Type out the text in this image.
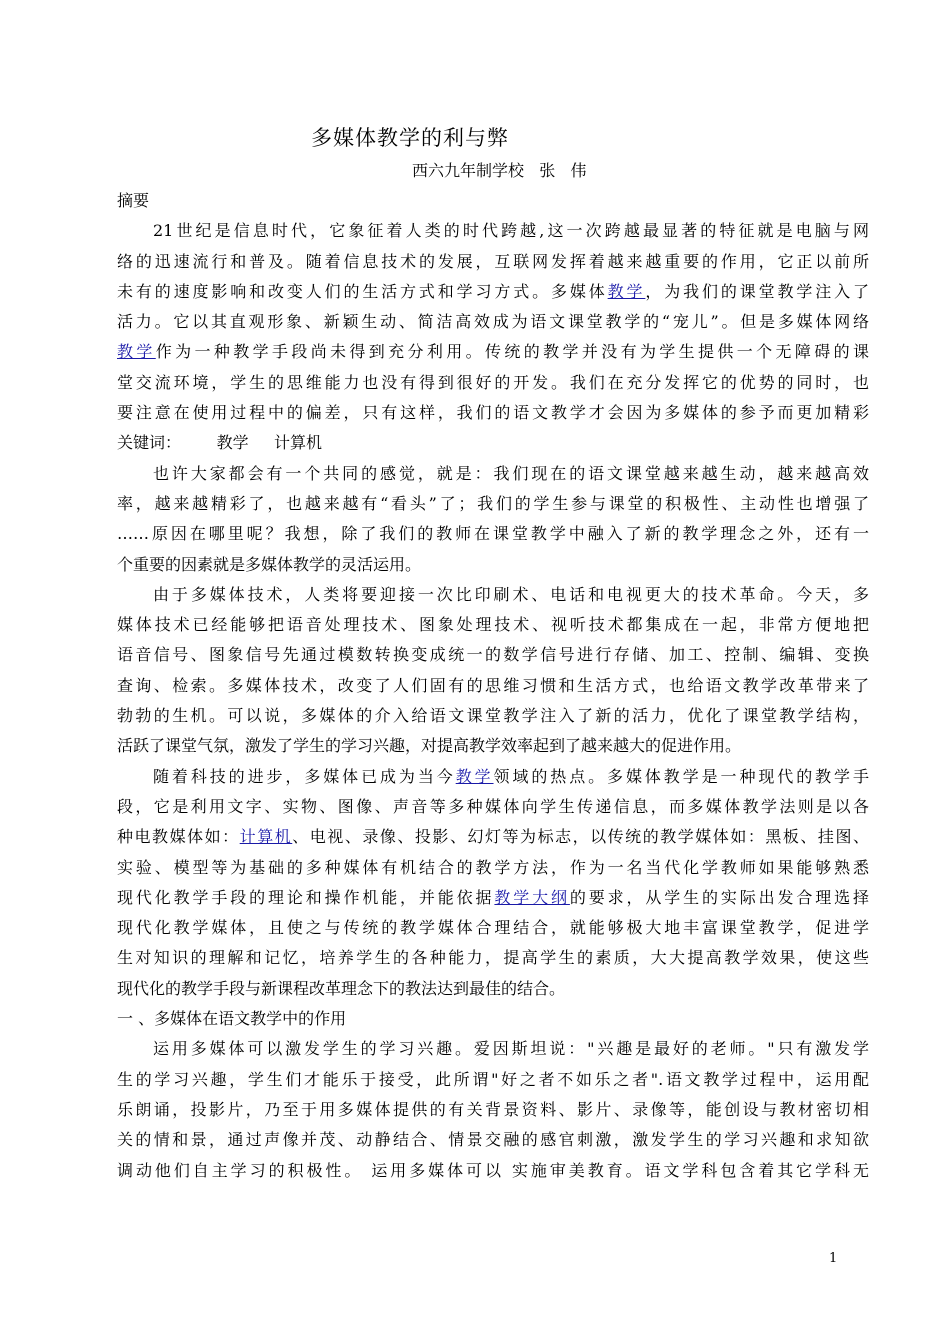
多媒体教学的利与弊
西六九年制学校   张   伟
摘要
21世纪是信息时代，它象征着人类的时代跨越,这一次跨越最显著的特征就是电脑与网
络的迅速流行和普及。随着信息技术的发展，互联网发挥着越来越重要的作用，它正以前所
未有的速度影响和改变人们的生活方式和学习方式。多媒体教学，为我们的课堂教学注入了
活力。它以其直观形象、新颖生动、简洁高效成为语文课堂教学的“宠儿”。但是多媒体网络
教学作为一种教学手段尚未得到充分利用。传统的教学并没有为学生提供一个无障碍的课
堂交流环境，学生的思维能力也没有得到很好的开发。我们在充分发挥它的优势的同时，也
要注意在使用过程中的偏差，只有这样，我们的语文教学才会因为多媒体的参予而更加精彩
关键词：       教学     计算机
也许大家都会有一个共同的感觉，就是：我们现在的语文课堂越来越生动，越来越高效
率，越来越精彩了，也越来越有“看头”了；我们的学生参与课堂的积极性、主动性也增强了
……原因在哪里呢？我想，除了我们的教师在课堂教学中融入了新的教学理念之外，还有一
个重要的因素就是多媒体教学的灵活运用。
由于多媒体技术，人类将要迎接一次比印刷术、电话和电视更大的技术革命。今天，多
媒体技术已经能够把语音处理技术、图象处理技术、视听技术都集成在一起，非常方便地把
语音信号、图象信号先通过模数转换变成统一的数学信号进行存储、加工、控制、编辑、变换
查询、检索。多媒体技术，改变了人们固有的思维习惯和生活方式，也给语文教学改革带来了
勃勃的生机。可以说，多媒体的介入给语文课堂教学注入了新的活力，优化了课堂教学结构，
活跃了课堂气氛，激发了学生的学习兴趣，对提高教学效率起到了越来越大的促进作用。
随着科技的进步，多媒体已成为当今教学领域的热点。多媒体教学是一种现代的教学手
段，它是利用文字、实物、图像、声音等多种媒体向学生传递信息，而多媒体教学法则是以各
种电教媒体如：计算机、电视、录像、投影、幻灯等为标志，以传统的教学媒体如：黑板、挂图、
实验、模型等为基础的多种媒体有机结合的教学方法，作为一名当代化学教师如果能够熟悉
现代化教学手段的理论和操作机能，并能依据教学大纲的要求，从学生的实际出发合理选择
现代化教学媒体，且使之与传统的教学媒体合理结合，就能够极大地丰富课堂教学，促进学
生对知识的理解和记忆，培养学生的各种能力，提高学生的素质，大大提高教学效果，使这些
现代化的教学手段与新课程改革理念下的教法达到最佳的结合。
一 、多媒体在语文教学中的作用
运用多媒体可以激发学生的学习兴趣。爱因斯坦说："兴趣是最好的老师。"只有激发学
生的学习兴趣，学生们才能乐于接受，此所谓"好之者不如乐之者".语文教学过程中，运用配
乐朗诵，投影片，乃至于用多媒体提供的有关背景资料、影片、录像等，能创设与教材密切相
关的情和景，通过声像并茂、动静结合、情景交融的感官刺激，激发学生的学习兴趣和求知欲
调动他们自主学习的积极性。 运用多媒体可以 实施审美教育。语文学科包含着其它学科无
1
